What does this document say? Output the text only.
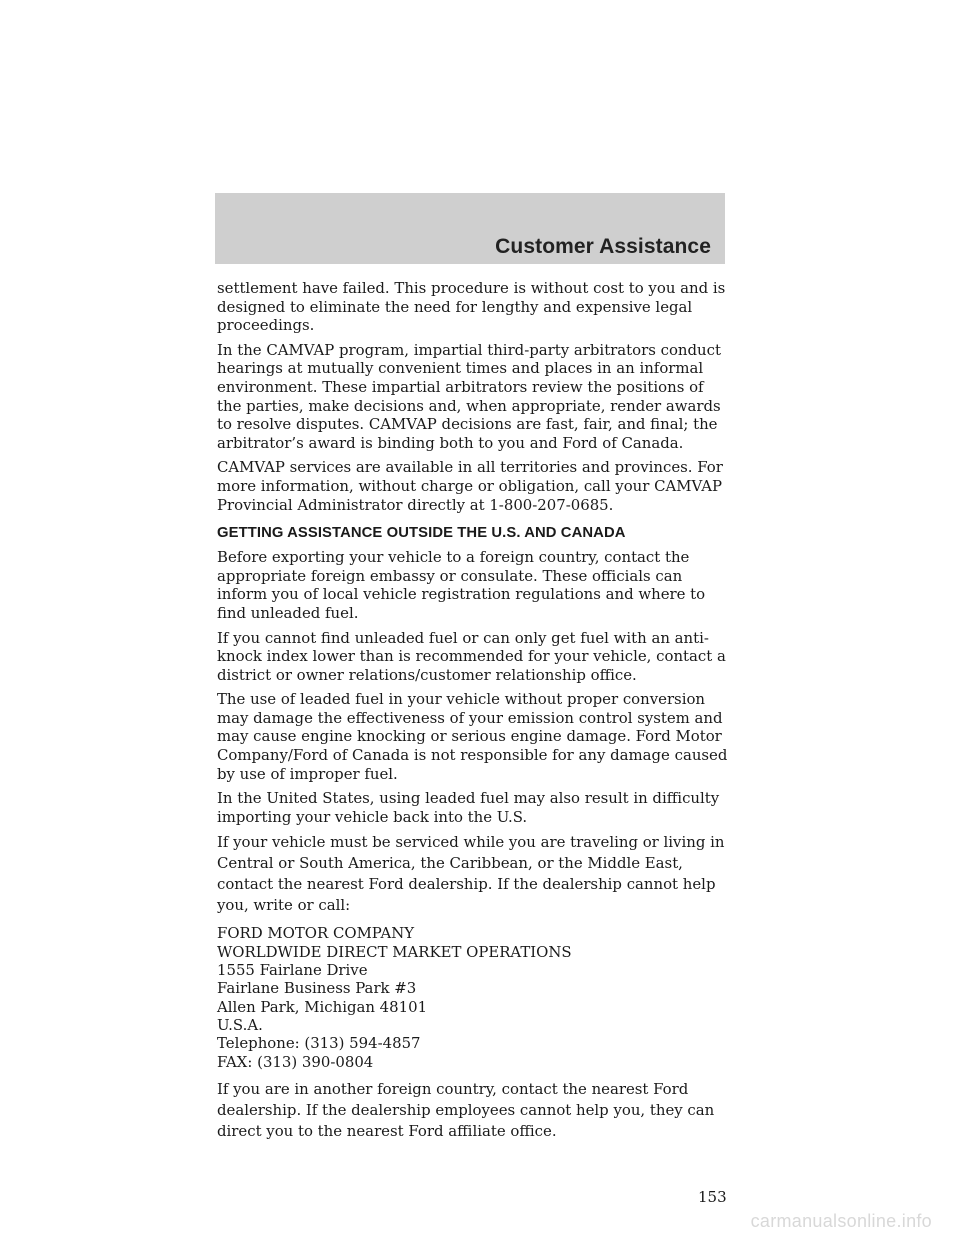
Customer Assistance

settlement have failed. This procedure is without cost to you and is designed to eliminate the need for lengthy and expensive legal proceedings.

In the CAMVAP program, impartial third-party arbitrators conduct hearings at mutually convenient times and places in an informal environment. These impartial arbitrators review the positions of the parties, make decisions and, when appropriate, render awards to resolve disputes. CAMVAP decisions are fast, fair, and final; the arbitrator’s award is binding both to you and Ford of Canada.

CAMVAP services are available in all territories and provinces. For more information, without charge or obligation, call your CAMVAP Provincial Administrator directly at 1-800-207-0685.

GETTING ASSISTANCE OUTSIDE THE U.S. AND CANADA

Before exporting your vehicle to a foreign country, contact the appropriate foreign embassy or consulate. These officials can inform you of local vehicle registration regulations and where to find unleaded fuel.

If you cannot find unleaded fuel or can only get fuel with an anti-knock index lower than is recommended for your vehicle, contact a district or owner relations/customer relationship office.

The use of leaded fuel in your vehicle without proper conversion may damage the effectiveness of your emission control system and may cause engine knocking or serious engine damage. Ford Motor Company/Ford of Canada is not responsible for any damage caused by use of improper fuel.

In the United States, using leaded fuel may also result in difficulty importing your vehicle back into the U.S.

If your vehicle must be serviced while you are traveling or living in Central or South America, the Caribbean, or the Middle East, contact the nearest Ford dealership. If the dealership cannot help you, write or call:

FORD MOTOR COMPANY
WORLDWIDE DIRECT MARKET OPERATIONS
1555 Fairlane Drive
Fairlane Business Park #3
Allen Park, Michigan 48101
U.S.A.
Telephone: (313) 594-4857
FAX: (313) 390-0804

If you are in another foreign country, contact the nearest Ford dealership. If the dealership employees cannot help you, they can direct you to the nearest Ford affiliate office.

153
carmanualsonline.info
